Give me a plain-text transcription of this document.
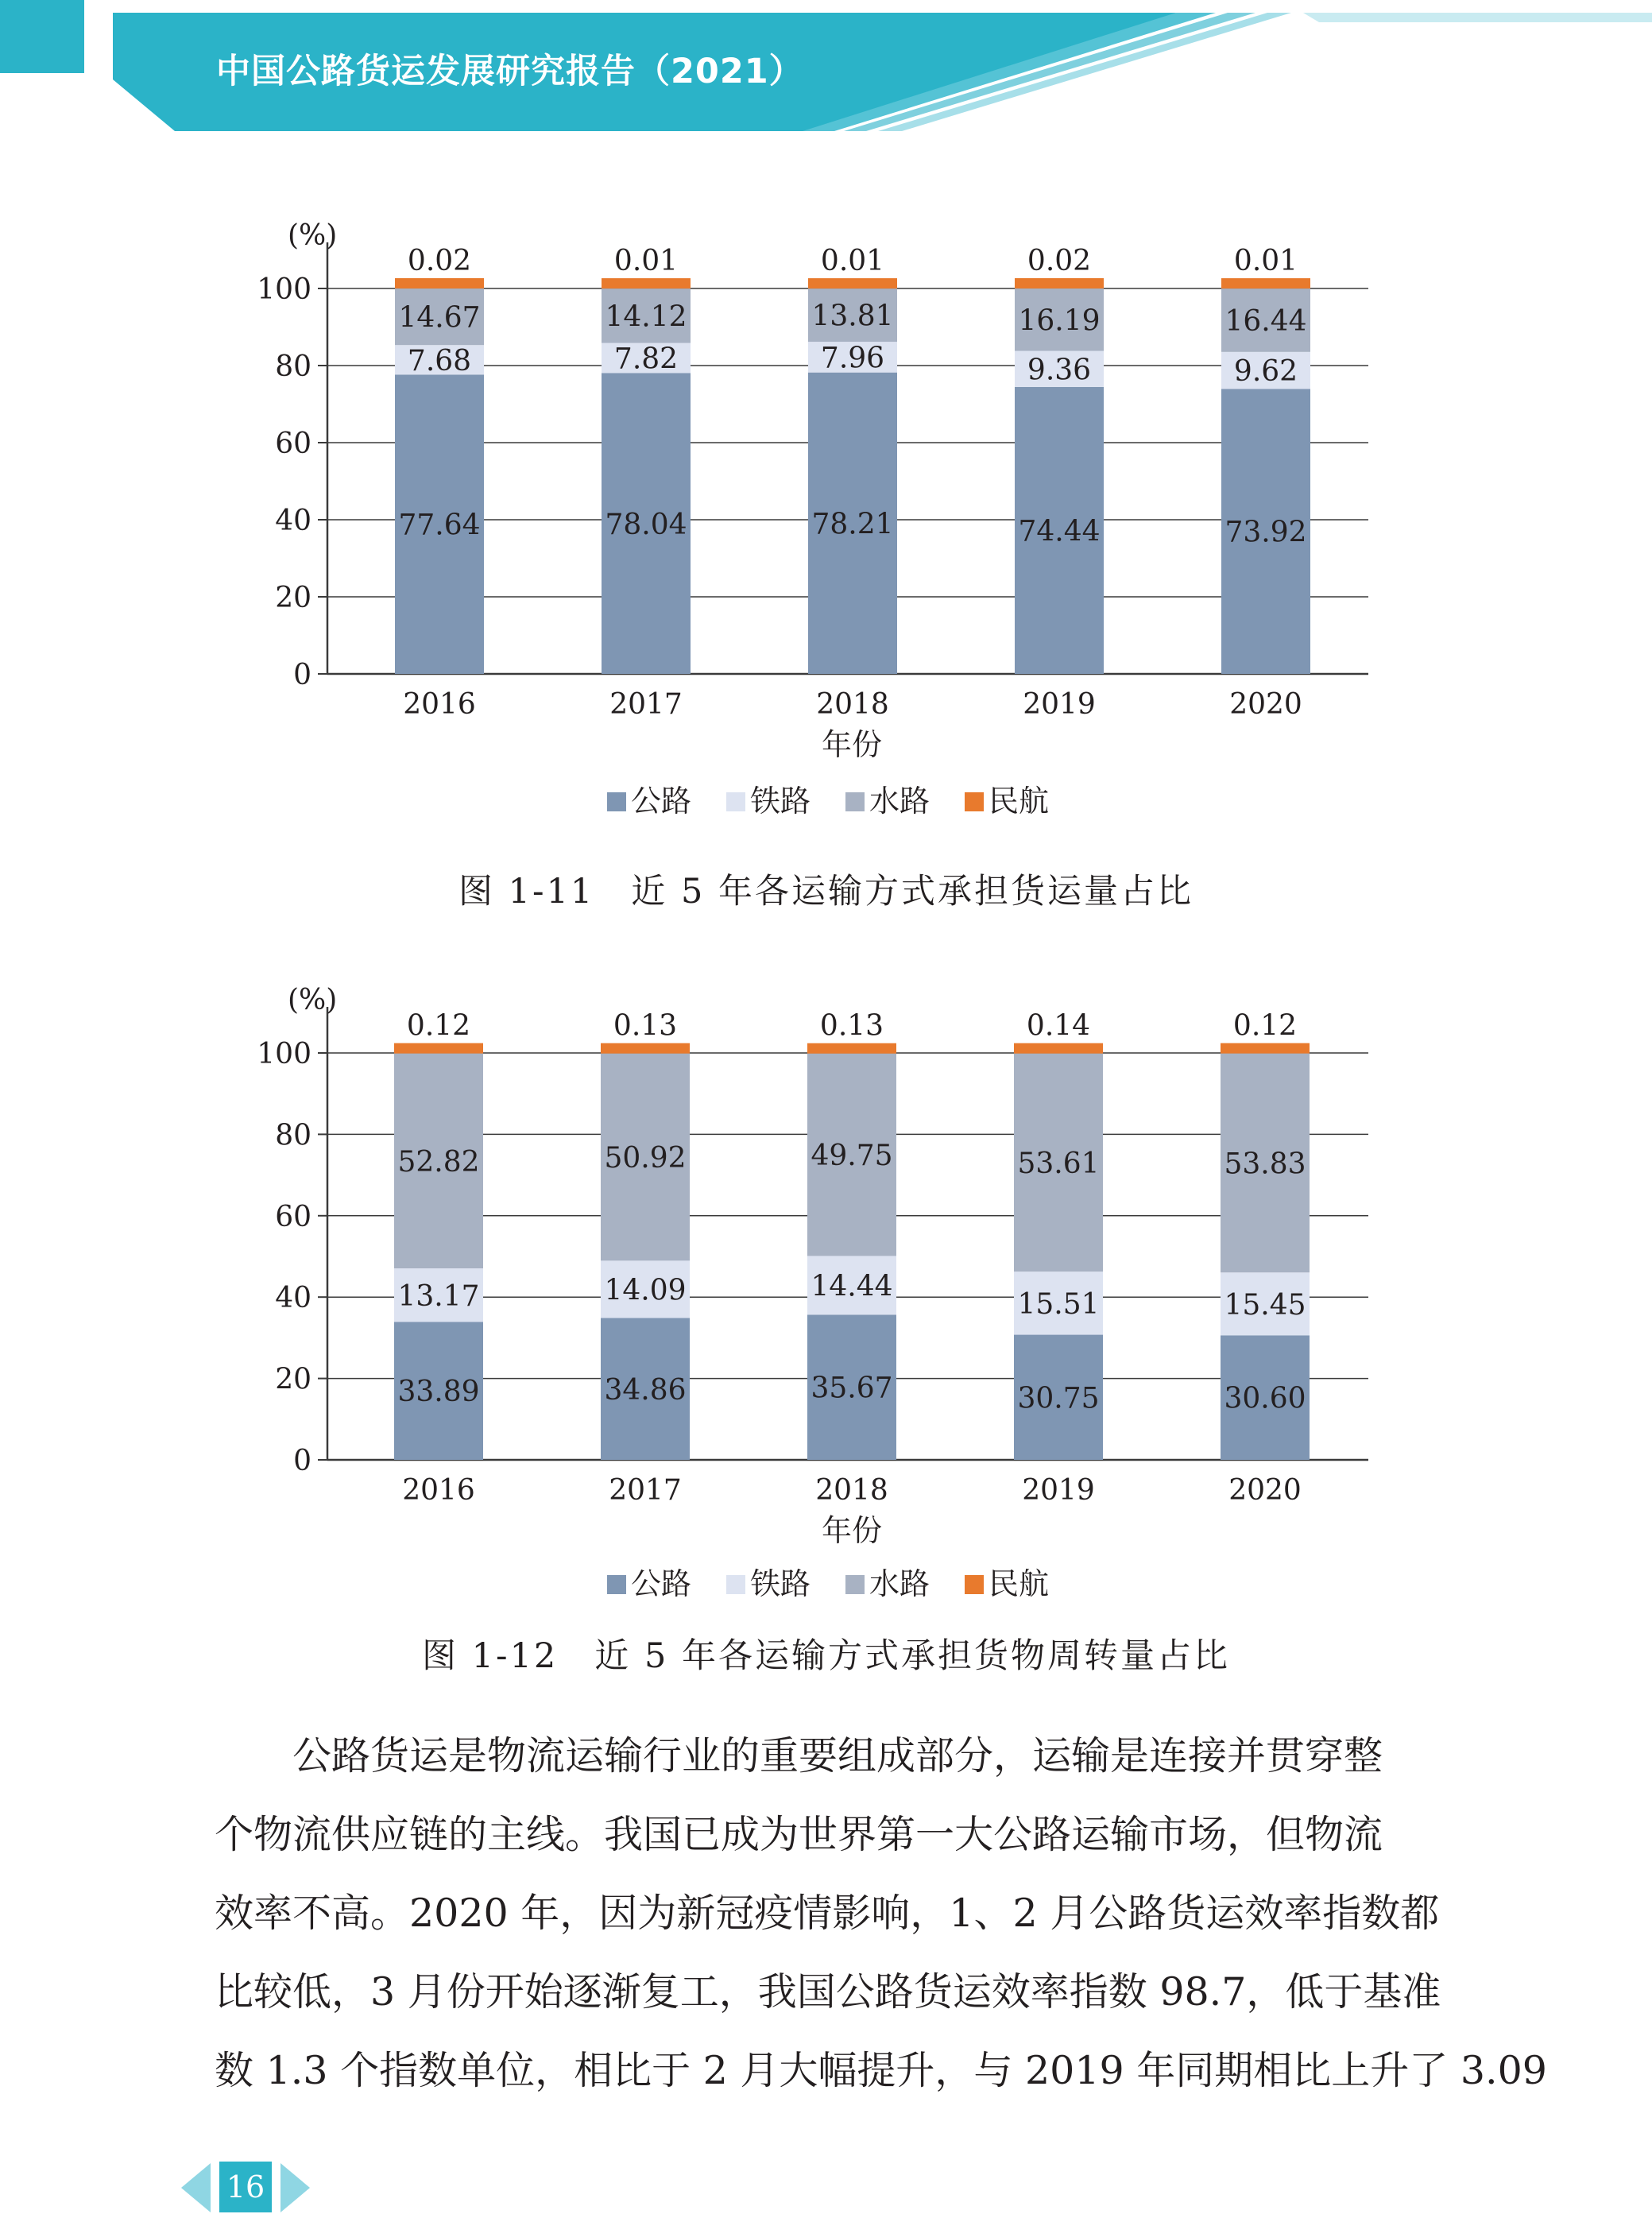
中国公路货运发展研究报告（2021）
0
20
40
60
80
100
(%)
77.64
7.68
14.67
0.02
2016
78.04
7.82
14.12
0.01
2017
78.21
7.96
13.81
0.01
2018
74.44
9.36
16.19
0.02
2019
73.92
9.62
16.44
0.01
2020
年份
公路 铁路 水路 民航
图 1-11　近 5 年各运输方式承担货运量占比
0
20
40
60
80
100
(%)
33.89
13.17
52.82
0.12
2016
34.86
14.09
50.92
0.13
2017
35.67
14.44
49.75
0.13
2018
30.75
15.51
53.61
0.14
2019
30.60
15.45
53.83
0.12
2020
年份
公路 铁路 水路 民航
图 1-12　近 5 年各运输方式承担货物周转量占比
公路货运是物流运输行业的重要组成部分，运输是连接并贯穿整
个物流供应链的主线。我国已成为世界第一大公路运输市场，但物流
效率不高。2020 年，因为新冠疫情影响，1、2 月公路货运效率指数都
比较低，3 月份开始逐渐复工，我国公路货运效率指数 98.7，低于基准
数 1.3 个指数单位，相比于 2 月大幅提升，与 2019 年同期相比上升了 3.09
16
